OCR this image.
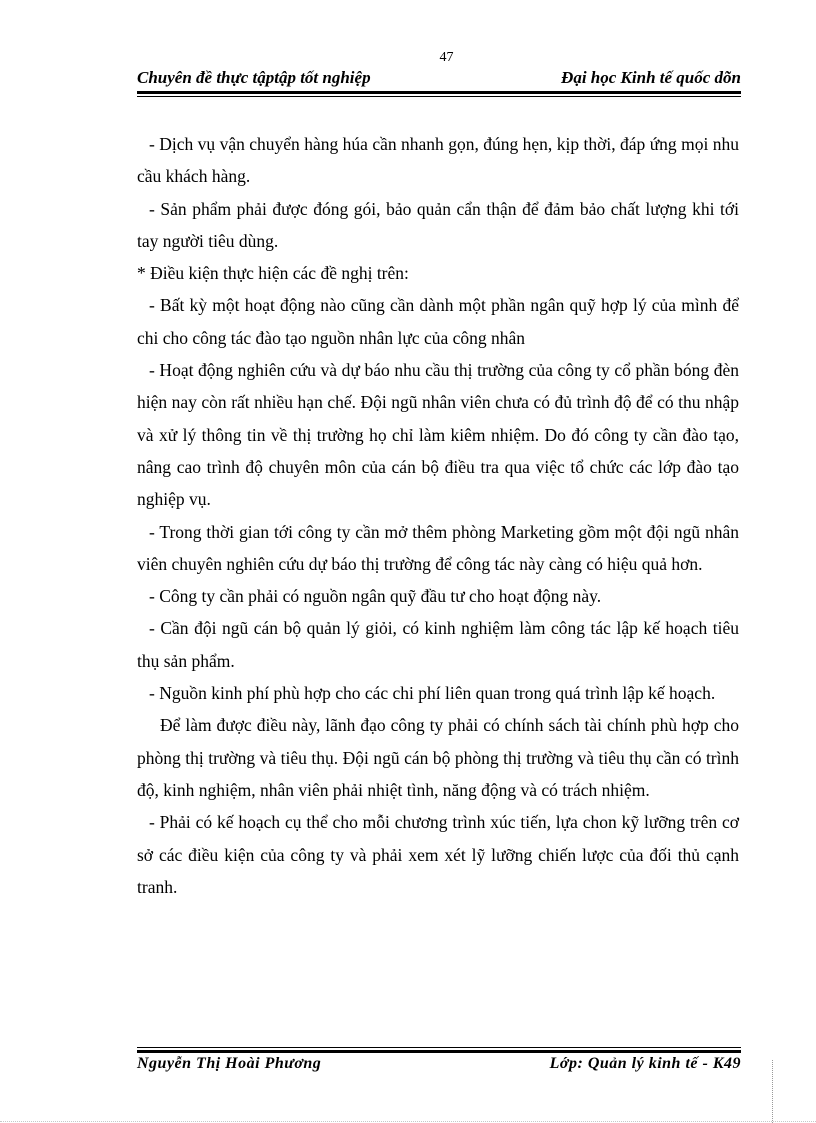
47
Chuyên đề thực tậptập tốt nghiệp	Đại học Kinh tế quốc dõn

- Dịch vụ vận chuyển hàng húa cần nhanh gọn, đúng hẹn, kịp thời, đáp ứng mọi nhu cầu khách hàng.

- Sản phẩm phải được đóng gói, bảo quản cẩn thận để đảm bảo chất lượng khi tới tay người tiêu dùng.

* Điều kiện thực hiện các đề nghị trên:

- Bất kỳ một hoạt động nào cũng cần dành một phần ngân quỹ hợp lý của mình để chi cho công tác đào tạo nguồn nhân lực của công nhân

- Hoạt động nghiên cứu và dự báo nhu cầu thị trường của công ty cổ phần bóng đèn hiện nay còn rất nhiều hạn chế. Đội ngũ nhân viên chưa có đủ trình độ để có thu nhập và xử lý thông tin về thị trường họ chỉ làm kiêm nhiệm. Do đó công ty cần đào tạo, nâng cao trình độ chuyên môn của cán bộ điều tra qua việc tổ chức các lớp đào tạo nghiệp vụ.

- Trong thời gian tới công ty cần mở thêm phòng Marketing gồm một đội ngũ nhân viên chuyên nghiên cứu dự báo thị trường để công tác này càng có hiệu quả hơn.

- Công ty cần phải có nguồn ngân quỹ đầu tư cho hoạt động này.

- Cần đội ngũ cán bộ quản lý giỏi, có kinh nghiệm làm công tác lập kế hoạch tiêu thụ sản phẩm.

- Nguồn kinh phí phù hợp cho các chi phí liên quan trong quá trình lập kế hoạch.

Để làm được điều này, lãnh đạo công ty phải có chính sách tài chính phù hợp cho phòng thị trường và tiêu thụ. Đội ngũ cán bộ phòng thị trường và tiêu thụ cần có trình độ, kinh nghiệm, nhân viên phải nhiệt tình, năng động và có trách nhiệm.

- Phải có kế hoạch cụ thể cho mỗi chương trình xúc tiến, lựa chon kỹ lưỡng trên cơ sở các điều kiện của công ty và phải xem xét lỹ lưỡng chiến lược của đối thủ cạnh tranh.

Nguyễn Thị Hoài Phương	Lớp: Quản lý kinh tế - K49
